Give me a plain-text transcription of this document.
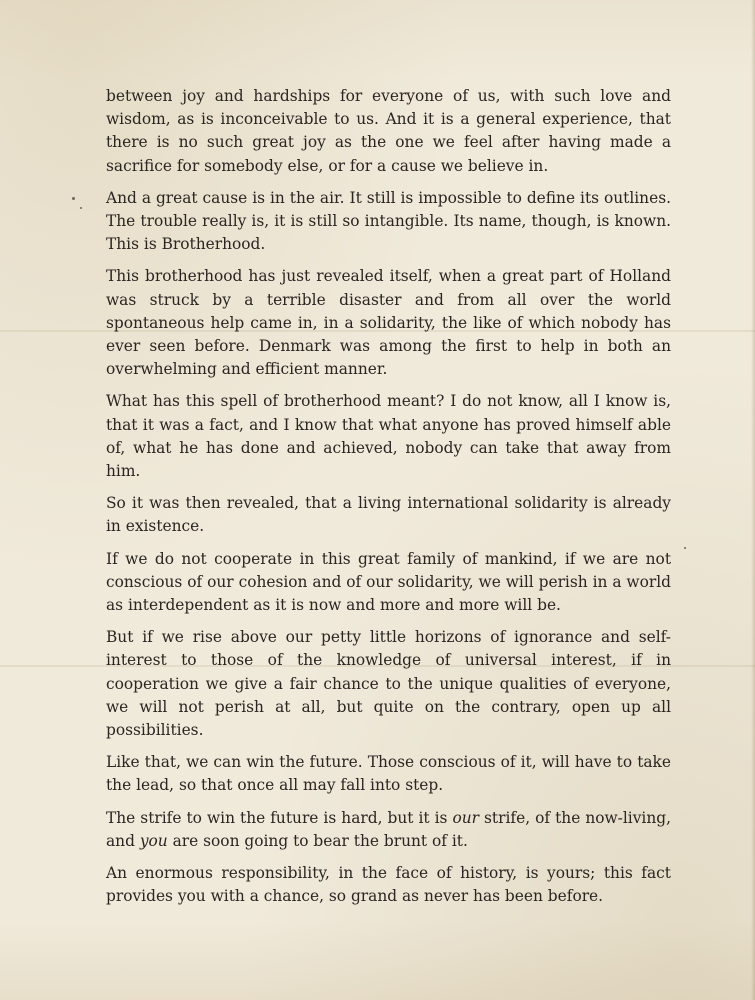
between joy and hardships for everyone of us, with such love and wisdom, as is inconceivable to us. And it is a general experience, that there is no such great joy as the one we feel after having made a sacrifice for somebody else, or for a cause we believe in.

And a great cause is in the air. It still is impossible to define its outlines. The trouble really is, it is still so intangible. Its name, though, is known. This is Brotherhood.

This brotherhood has just revealed itself, when a great part of Holland was struck by a terrible disaster and from all over the world spontaneous help came in, in a solidarity, the like of which nobody has ever seen before. Denmark was among the first to help in both an overwhelming and efficient manner.

What has this spell of brotherhood meant? I do not know, all I know is, that it was a fact, and I know that what anyone has proved himself able of, what he has done and achieved, nobody can take that away from him.

So it was then revealed, that a living international solidarity is already in existence.

If we do not cooperate in this great family of mankind, if we are not conscious of our cohesion and of our solidarity, we will perish in a world as interdependent as it is now and more and more will be.

But if we rise above our petty little horizons of ignorance and self-interest to those of the knowledge of universal interest, if in cooperation we give a fair chance to the unique qualities of everyone, we will not perish at all, but quite on the contrary, open up all possibilities.

Like that, we can win the future. Those conscious of it, will have to take the lead, so that once all may fall into step.

The strife to win the future is hard, but it is our strife, of the now-living, and you are soon going to bear the brunt of it.

An enormous responsibility, in the face of history, is yours; this fact provides you with a chance, so grand as never has been before.
